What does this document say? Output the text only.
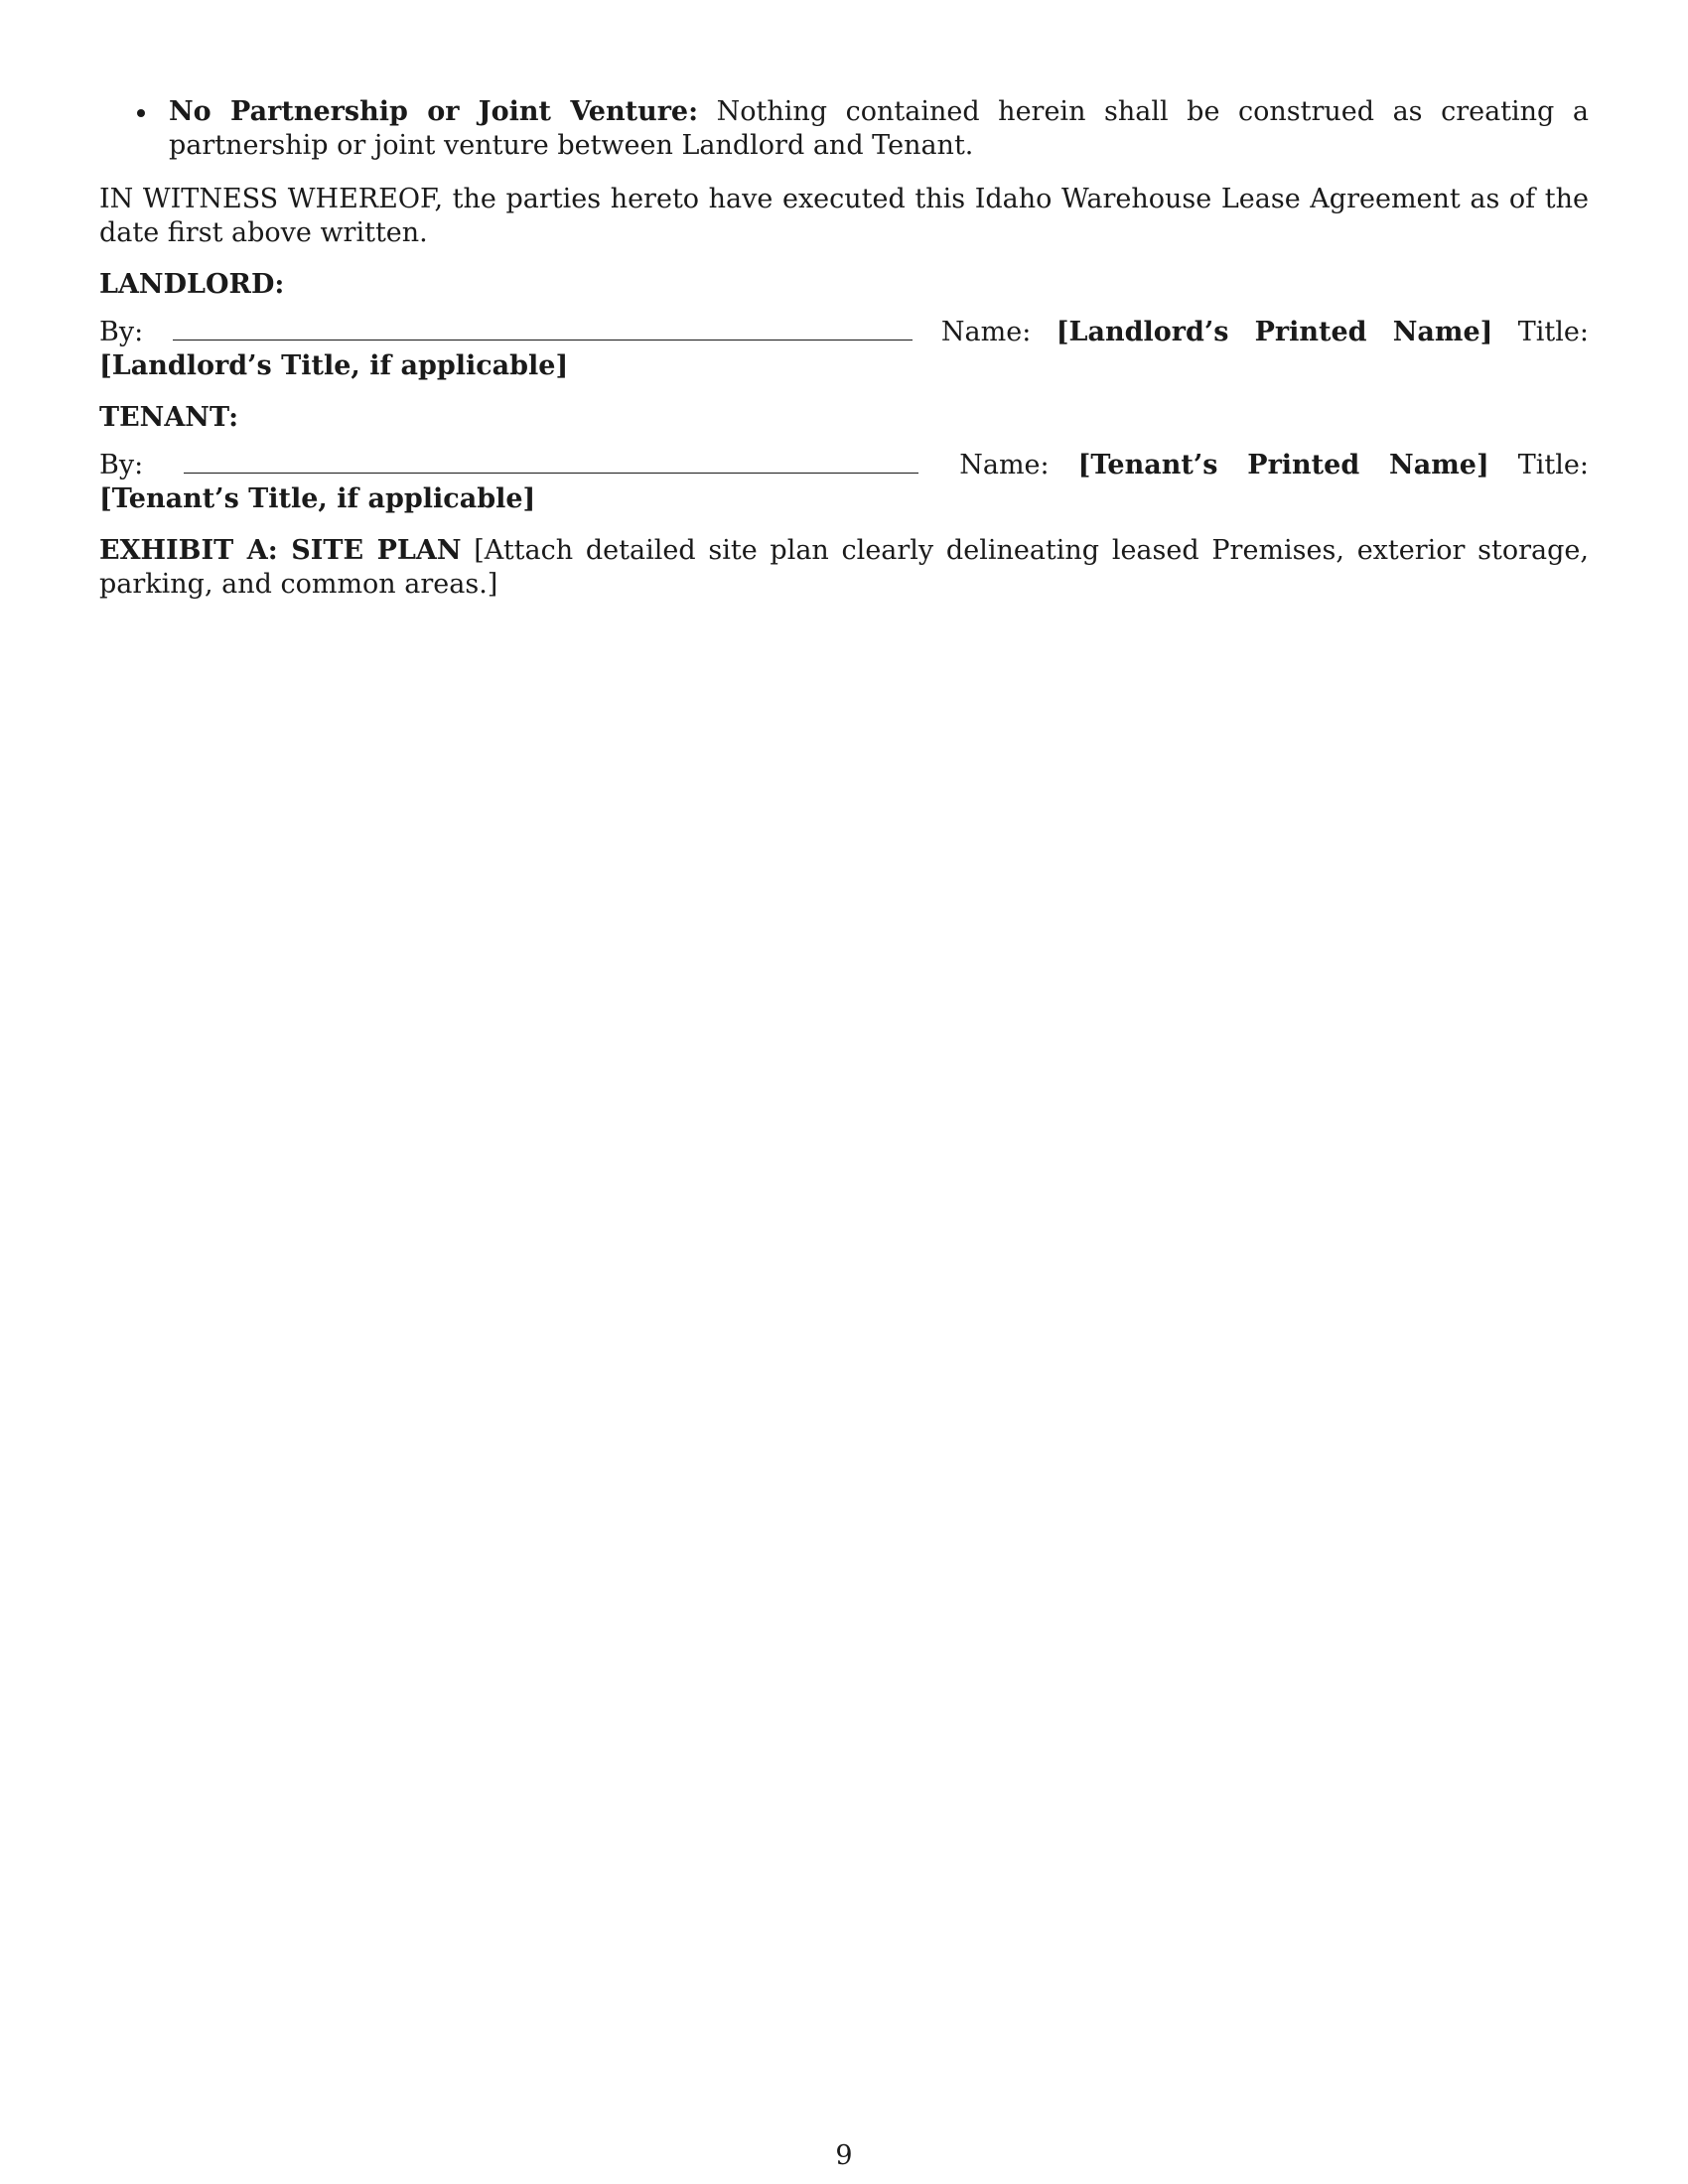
No Partnership or Joint Venture: Nothing contained herein shall be construed as creating a partnership or joint venture between Landlord and Tenant.

IN WITNESS WHEREOF, the parties hereto have executed this Idaho Warehouse Lease Agreement as of the date first above written.

LANDLORD:

By:	Name: [Landlord’s Printed Name] Title: [Landlord’s Title, if applicable]

TENANT:

By:	Name: [Tenant’s Printed Name] Title: [Tenant’s Title, if applicable]

EXHIBIT A: SITE PLAN [Attach detailed site plan clearly delineating leased Premises, exterior storage, parking, and common areas.]

9
